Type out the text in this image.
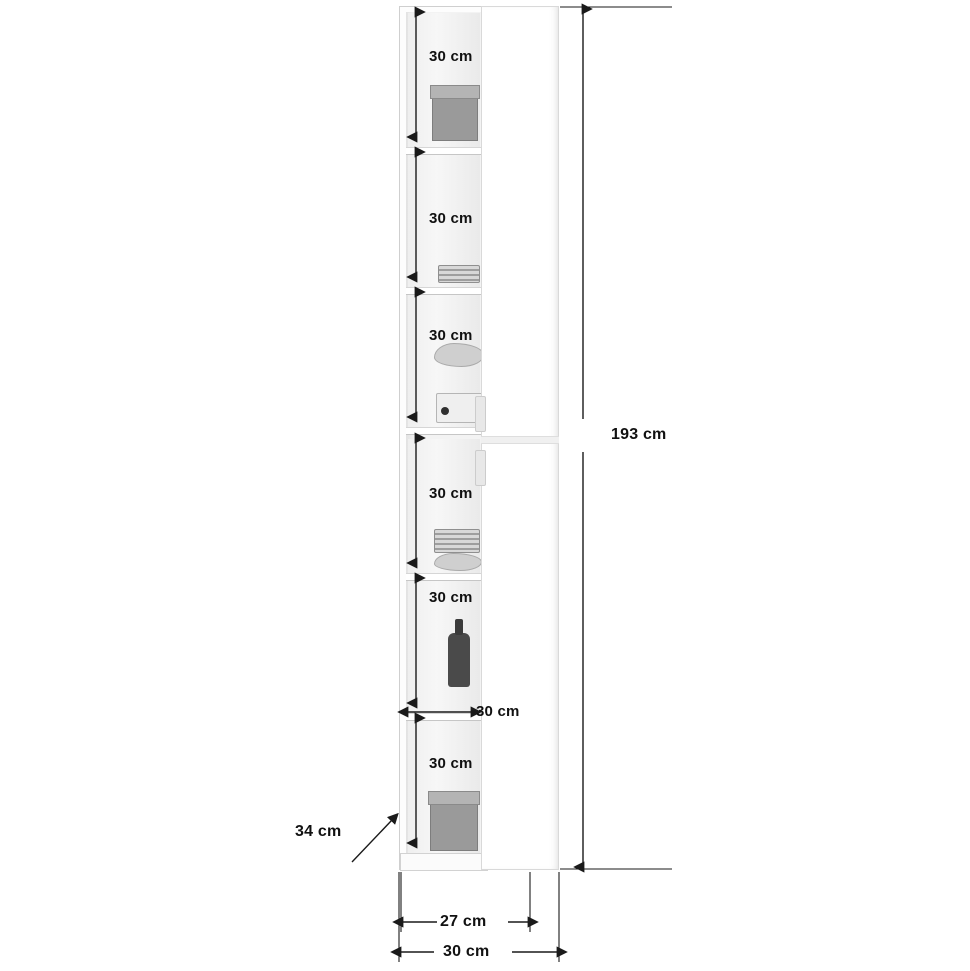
30 cm
30 cm
30 cm
30 cm
30 cm
30 cm
30 cm
193 cm
34 cm
27 cm
30 cm
